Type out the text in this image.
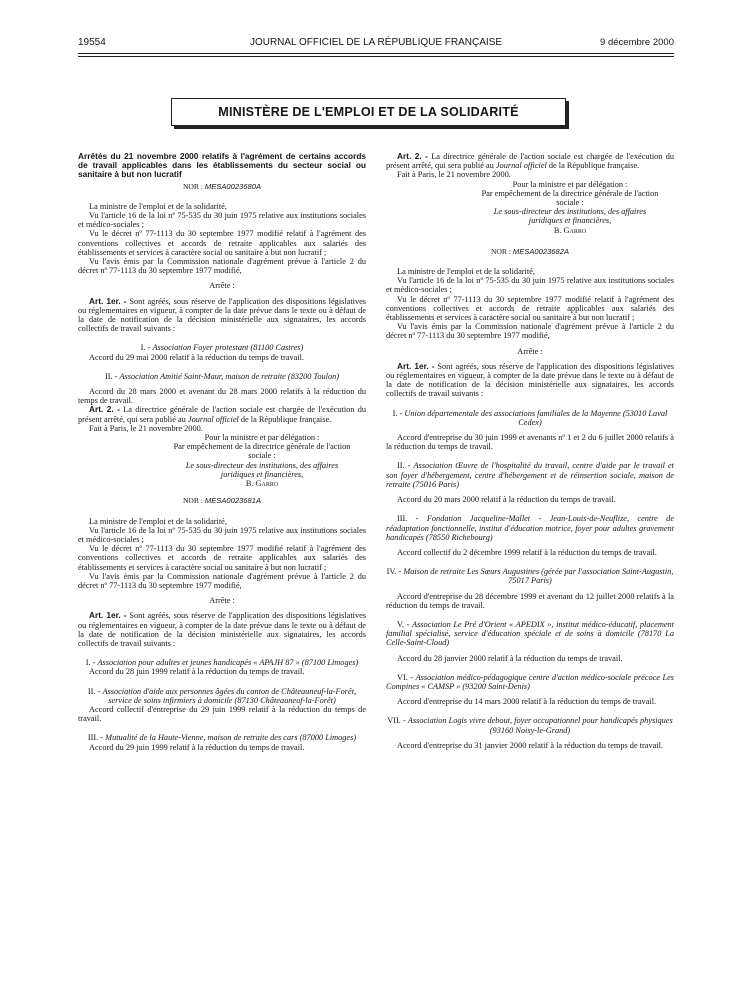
19554	JOURNAL OFFICIEL DE LA RÉPUBLIQUE FRANÇAISE	9 décembre 2000
MINISTÈRE DE L'EMPLOI ET DE LA SOLIDARITÉ

Arrêtés du 21 novembre 2000 relatifs à l'agrément de certains accords de travail applicables dans les établissements du secteur social ou sanitaire à but non lucratif

NOR : MESA0023680A

La ministre de l'emploi et de la solidarité,

Vu l'article 16 de la loi nº 75-535 du 30 juin 1975 relative aux institutions sociales et médico-sociales ;

Vu le décret nº 77-1113 du 30 septembre 1977 modifié relatif à l'agrément des conventions collectives et accords de retraite applicables aux salariés des établissements et services à caractère social ou sanitaire à but non lucratif ;

Vu l'avis émis par la Commission nationale d'agrément prévue à l'article 2 du décret nº 77-1113 du 30 septembre 1977 modifié,

Arrête :

Art. 1er. - Sont agréés, sous réserve de l'application des dispositions législatives ou réglementaires en vigueur, à compter de la date prévue dans le texte ou à défaut de la date de notification de la décision ministérielle aux signataires, les accords collectifs de travail suivants :

I. - Association Foyer protestant (81100 Castres)

Accord du 29 mai 2000 relatif à la réduction du temps de travail.

II. - Association Amitié Saint-Maur, maison de retraite (83200 Toulon)

Accord du 28 mars 2000 et avenant du 28 mars 2000 relatifs à la réduction du temps de travail.

Art. 2. - La directrice générale de l'action sociale est chargée de l'exécution du présent arrêté, qui sera publié au Journal officiel de la République française.

Fait à Paris, le 21 novembre 2000.

Pour la ministre et par délégation :

Par empêchement de la directrice générale de l'action sociale :

Le sous-directeur des institutions, des affaires juridiques et financières,

B. Garro

NOR : MESA0023681A

La ministre de l'emploi et de la solidarité,

Vu l'article 16 de la loi nº 75-535 du 30 juin 1975 relative aux institutions sociales et médico-sociales ;

Vu le décret nº 77-1113 du 30 septembre 1977 modifié relatif à l'agrément des conventions collectives et accords de retraite applicables aux salariés des établissements et services à caractère social ou sanitaire à but non lucratif ;

Vu l'avis émis par la Commission nationale d'agrément prévue à l'article 2 du décret nº 77-1113 du 30 septembre 1977 modifié,

Arrête :

Art. 1er. - Sont agréés, sous réserve de l'application des dispositions législatives ou réglementaires en vigueur, à compter de la date prévue dans le texte ou à défaut de la date de notification de la décision ministérielle aux signataires, les accords collectifs de travail suivants :

I. - Association pour adultes et jeunes handicapés « APAJH 87 » (87100 Limoges)

Accord du 28 juin 1999 relatif à la réduction du temps de travail.

II. - Association d'aide aux personnes âgées du canton de Châteauneuf-la-Forêt, service de soins infirmiers à domicile (87130 Châteauneuf-la-Forêt)

Accord collectif d'entreprise du 29 juin 1999 relatif à la réduction du temps de travail.

III. - Mutualité de la Haute-Vienne, maison de retraite des cars (87000 Limoges)

Accord du 29 juin 1999 relatif à la réduction du temps de travail.

Art. 2. - La directrice générale de l'action sociale est chargée de l'exécution du présent arrêté, qui sera publié au Journal officiel de la République française.

Fait à Paris, le 21 novembre 2000.

Pour la ministre et par délégation :

Par empêchement de la directrice générale de l'action sociale :

Le sous-directeur des institutions, des affaires juridiques et financières,

B. Garro

NOR : MESA0023682A

La ministre de l'emploi et de la solidarité,

Vu l'article 16 de la loi nº 75-535 du 30 juin 1975 relative aux institutions sociales et médico-sociales ;

Vu le décret nº 77-1113 du 30 septembre 1977 modifié relatif à l'agrément des conventions collectives et accords de retraite applicables aux salariés des établissements et services à caractère social ou sanitaire à but non lucratif ;

Vu l'avis émis par la Commission nationale d'agrément prévue à l'article 2 du décret nº 77-1113 du 30 septembre 1977 modifié,

Arrête :

Art. 1er. - Sont agréés, sous réserve de l'application des dispositions législatives ou réglementaires en vigueur, à compter de la date prévue dans le texte ou à défaut de la date de notification de la décision ministérielle aux signataires, les accords collectifs de travail suivants :

I. - Union départementale des associations familiales de la Mayenne (53010 Laval Cedex)

Accord d'entreprise du 30 juin 1999 et avenants nº 1 et 2 du 6 juillet 2000 relatifs à la réduction du temps de travail.

II. - Association Œuvre de l'hospitalité du travail, centre d'aide par le travail et son foyer d'hébergement, centre d'hébergement et de réinsertion sociale, maison de retraite (75016 Paris)

Accord du 20 mars 2000 relatif à la réduction du temps de travail.

III. - Fondation Jacqueline-Mallet - Jean-Louis-de-Neuflize, centre de réadaptation fonctionnelle, institut d'éducation motrice, foyer pour adultes gravement handicapés (78550 Richebourg)

Accord collectif du 2 décembre 1999 relatif à la réduction du temps de travail.

IV. - Maison de retraite Les Sœurs Augustines (gérée par l'association Saint-Augustin, 75017 Paris)

Accord d'entreprise du 28 décembre 1999 et avenant du 12 juillet 2000 relatifs à la réduction du temps de travail.

V. - Association Le Pré d'Orient « APEDIX », institut médico-éducatif, placement familial spécialisé, service d'éducation spéciale et de soins à domicile (78170 La Celle-Saint-Cloud)

Accord du 28 janvier 2000 relatif à la réduction du temps de travail.

VI. - Association médico-pédagogique centre d'action médico-sociale précoce Les Compines « CAMSP » (93200 Saint-Denis)

Accord d'entreprise du 14 mars 2000 relatif à la réduction du temps de travail.

VII. - Association Logis vivre debout, foyer occupationnel pour handicapés physiques (93160 Noisy-le-Grand)

Accord d'entreprise du 31 janvier 2000 relatif à la réduction du temps de travail.
